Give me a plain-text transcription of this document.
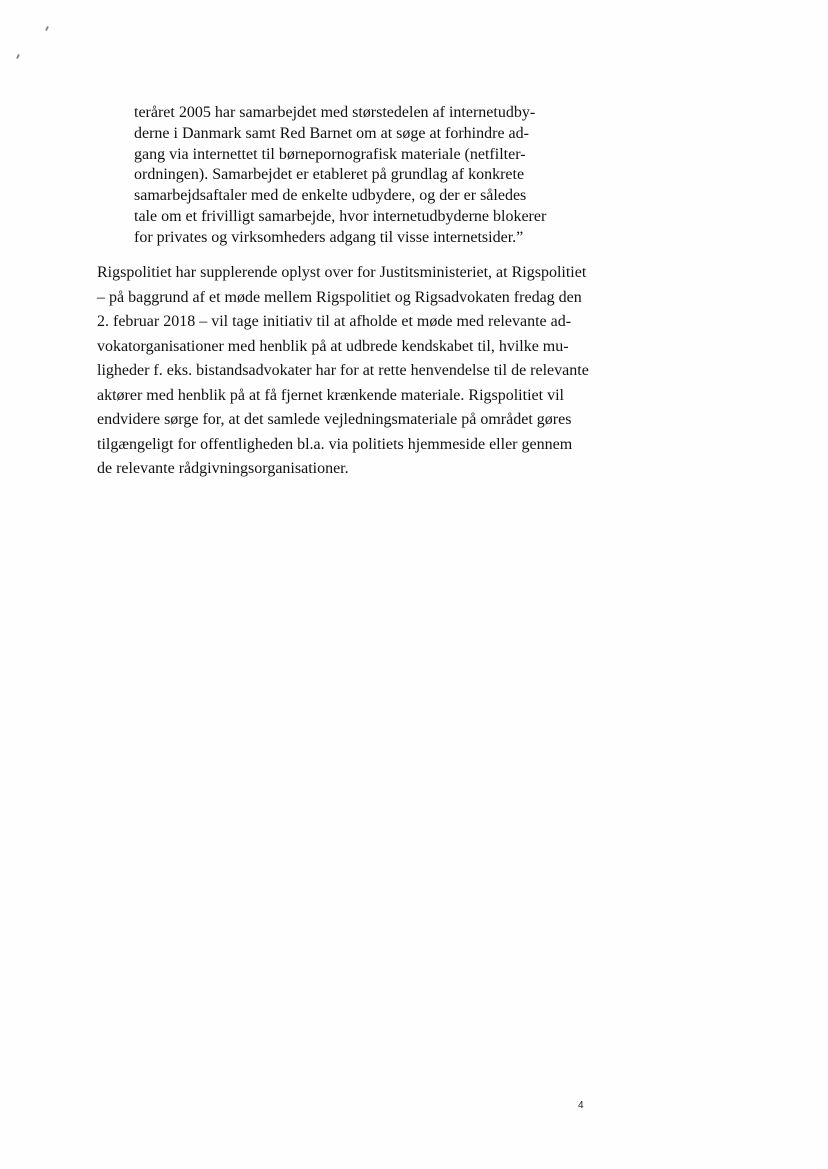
teråret 2005 har samarbejdet med størstedelen af internetudby-
derne i Danmark samt Red Barnet om at søge at forhindre ad-
gang via internettet til børnepornografisk materiale (netfilter-
ordningen). Samarbejdet er etableret på grundlag af konkrete
samarbejdsaftaler med de enkelte udbydere, og der er således
tale om et frivilligt samarbejde, hvor internetudbyderne blokerer
for privates og virksomheders adgang til visse internetsider.”
Rigspolitiet har supplerende oplyst over for Justitsministeriet, at Rigspolitiet
– på baggrund af et møde mellem Rigspolitiet og Rigsadvokaten fredag den
2. februar 2018 – vil tage initiativ til at afholde et møde med relevante ad-
vokatorganisationer med henblik på at udbrede kendskabet til, hvilke mu-
ligheder f. eks. bistandsadvokater har for at rette henvendelse til de relevante
aktører med henblik på at få fjernet krænkende materiale. Rigspolitiet vil
endvidere sørge for, at det samlede vejledningsmateriale på området gøres
tilgængeligt for offentligheden bl.a. via politiets hjemmeside eller gennem
de relevante rådgivningsorganisationer.
4
